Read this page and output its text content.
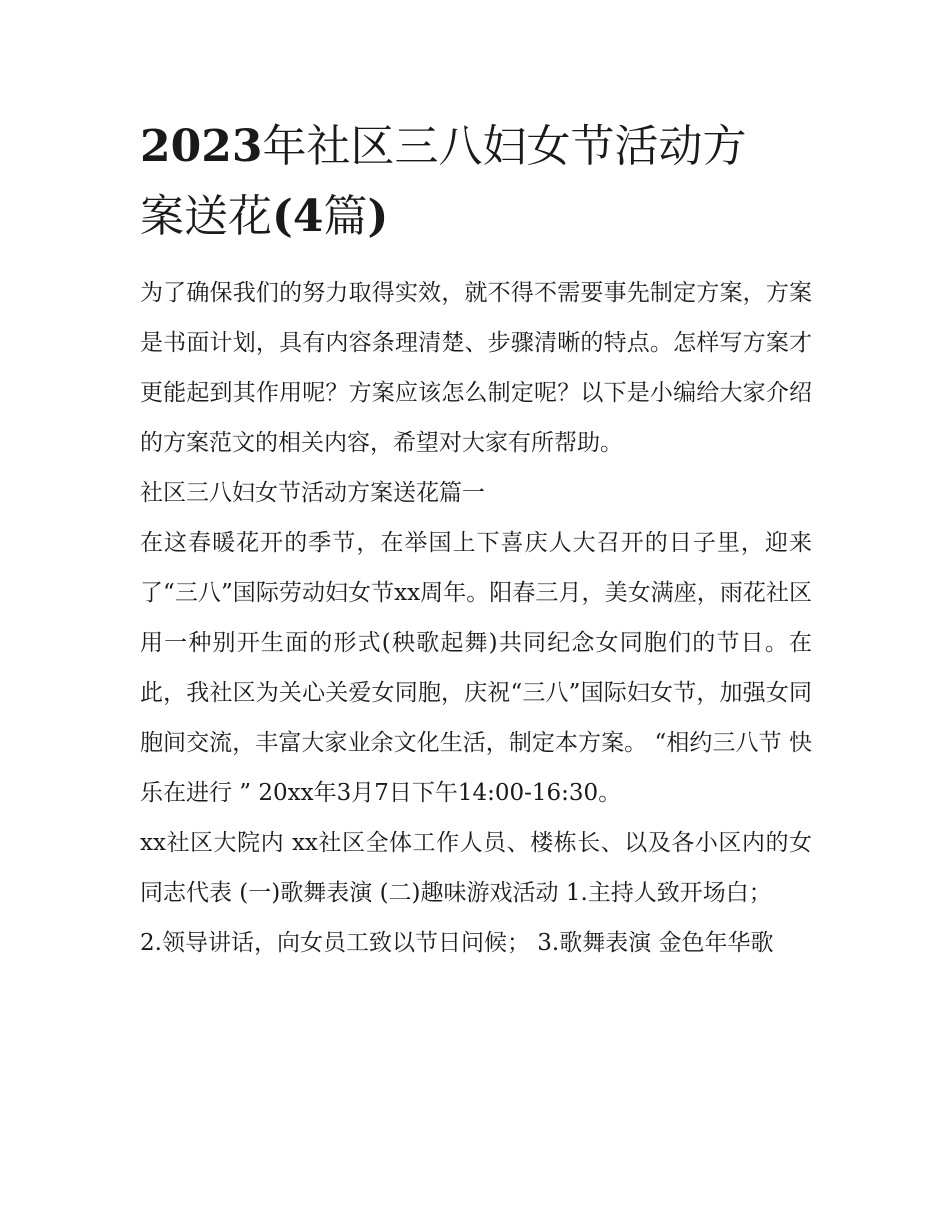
2023年社区三八妇女节活动方
案送花(4篇)

为了确保我们的努力取得实效，就不得不需要事先制定方案，方案是书面计划，具有内容条理清楚、步骤清晰的特点。怎样写方案才更能起到其作用呢？方案应该怎么制定呢？以下是小编给大家介绍的方案范文的相关内容，希望对大家有所帮助。

社区三八妇女节活动方案送花篇一

在这春暖花开的季节，在举国上下喜庆人大召开的日子里，迎来了“三八”国际劳动妇女节xx周年。阳春三月，美女满座，雨花社区用一种别开生面的形式(秧歌起舞)共同纪念女同胞们的节日。在此，我社区为关心关爱女同胞，庆祝“三八”国际妇女节，加强女同胞间交流，丰富大家业余文化生活，制定本方案。 “相约三八节 快乐在进行 ” 20xx年3月7日下午14:00-16:30。

xx社区大院内 xx社区全体工作人员、楼栋长、以及各小区内的女同志代表 (一)歌舞表演 (二)趣味游戏活动 1.主持人致开场白；

2.领导讲话，向女员工致以节日问候； 3.歌舞表演 金色年华歌
